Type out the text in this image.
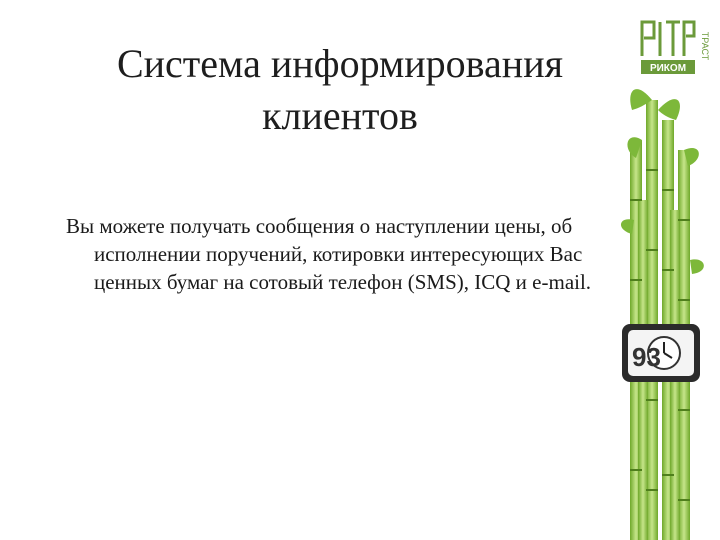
Система информирования
клиентов
Вы можете получать сообщения о наступлении цены, об исполнении поручений, котировки интересующих Вас ценных бумаг на сотовый телефон (SMS), ICQ и e-mail.
РИКОМ
ТРАСТ
93
